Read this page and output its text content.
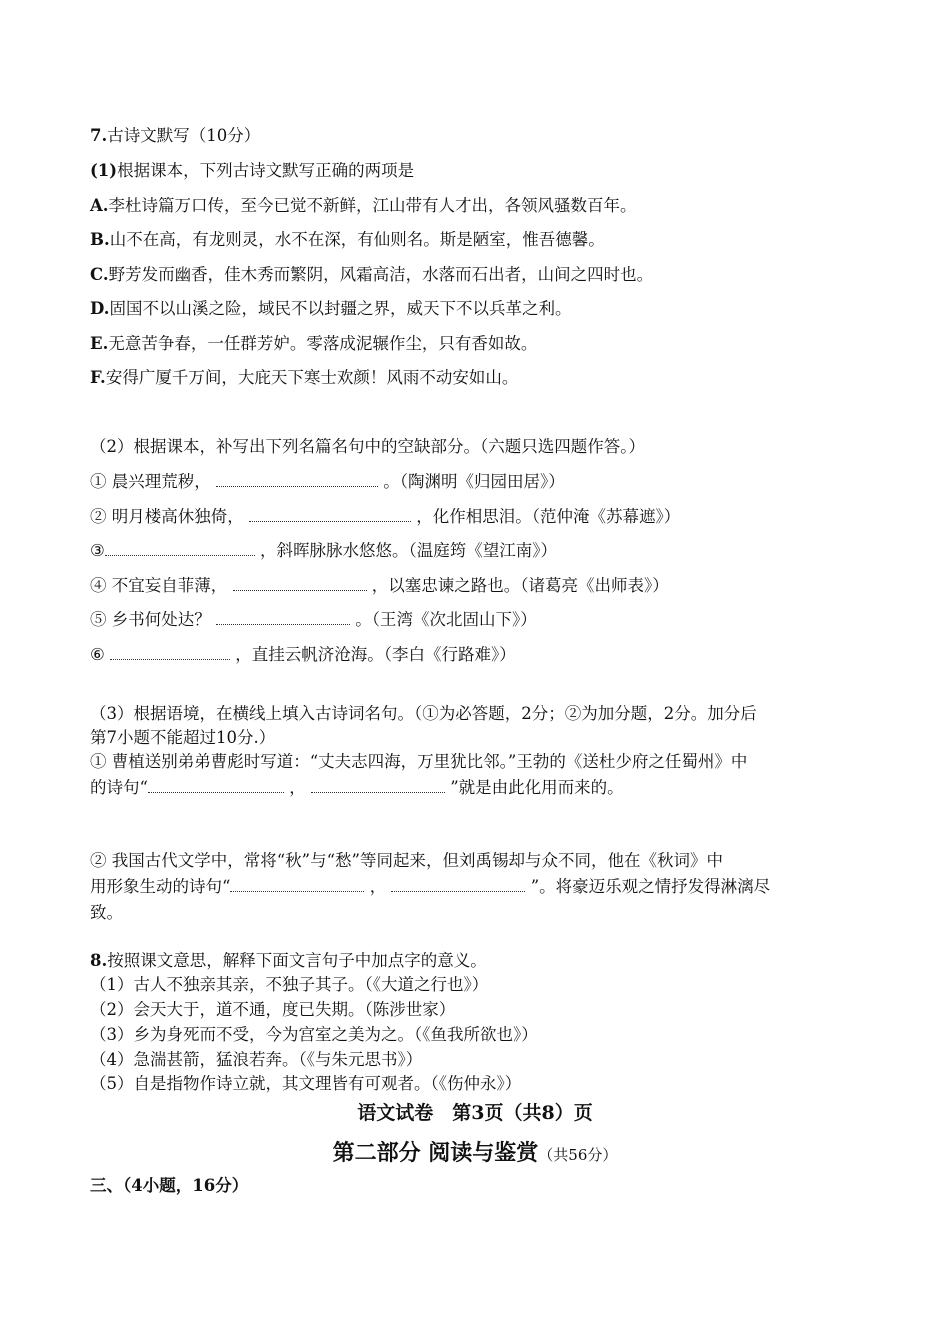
7.古诗文默写（10分）
(1)根据课本，下列古诗文默写正确的两项是
A.李杜诗篇万口传，至今已觉不新鲜，江山带有人才出，各领风骚数百年。
B.山不在高，有龙则灵，水不在深，有仙则名。斯是陋室，惟吾德馨。
C.野芳发而幽香，佳木秀而繁阴，风霜高洁，水落而石出者，山间之四时也。
D.固国不以山溪之险，域民不以封疆之界，威天下不以兵革之利。
E.无意苦争春，一任群芳妒。零落成泥辗作尘，只有香如故。
F.安得广厦千万间，大庇天下寒士欢颜！风雨不动安如山。
（2）根据课本，补写出下列名篇名句中的空缺部分。（六题只选四题作答。）
① 晨兴理荒秽，	。（陶渊明《归园田居》）
② 明月楼高休独倚，	，化作相思泪。（范仲淹《苏幕遮》）
③	，斜晖脉脉水悠悠。（温庭筠《望江南》）
④ 不宜妄自菲薄，	，以塞忠谏之路也。（诸葛亮《出师表》）
⑤ 乡书何处达？	。（王湾《次北固山下》）
⑥	，直挂云帆济沧海。（李白《行路难》）
（3）根据语境，在横线上填入古诗词名句。（①为必答题，2分；②为加分题，2分。加分后
第7小题不能超过10分.）
① 曹植送别弟弟曹彪时写道：“丈夫志四海，万里犹比邻。”王勃的《送杜少府之任蜀州》中
的诗句“	，	”就是由此化用而来的。
② 我国古代文学中，常将“秋”与“愁”等同起来，但刘禹锡却与众不同，他在《秋词》中
用形象生动的诗句“	，	”。将豪迈乐观之情抒发得淋漓尽
致。
8.按照课文意思，解释下面文言句子中加点字的意义。
（1）古人不独亲其亲，不独子其子。（《大道之行也》）
（2）会天大于，道不通，度已失期。（陈涉世家）
（3）乡为身死而不受，今为宫室之美为之。（《鱼我所欲也》）
（4）急湍甚箭，猛浪若奔。（《与朱元思书》）
（5）自是指物作诗立就，其文理皆有可观者。（《伤仲永》）
语文试卷　第3页（共8）页
第二部分 阅读与鉴赏（共56分）
三、（4小题，16分）
